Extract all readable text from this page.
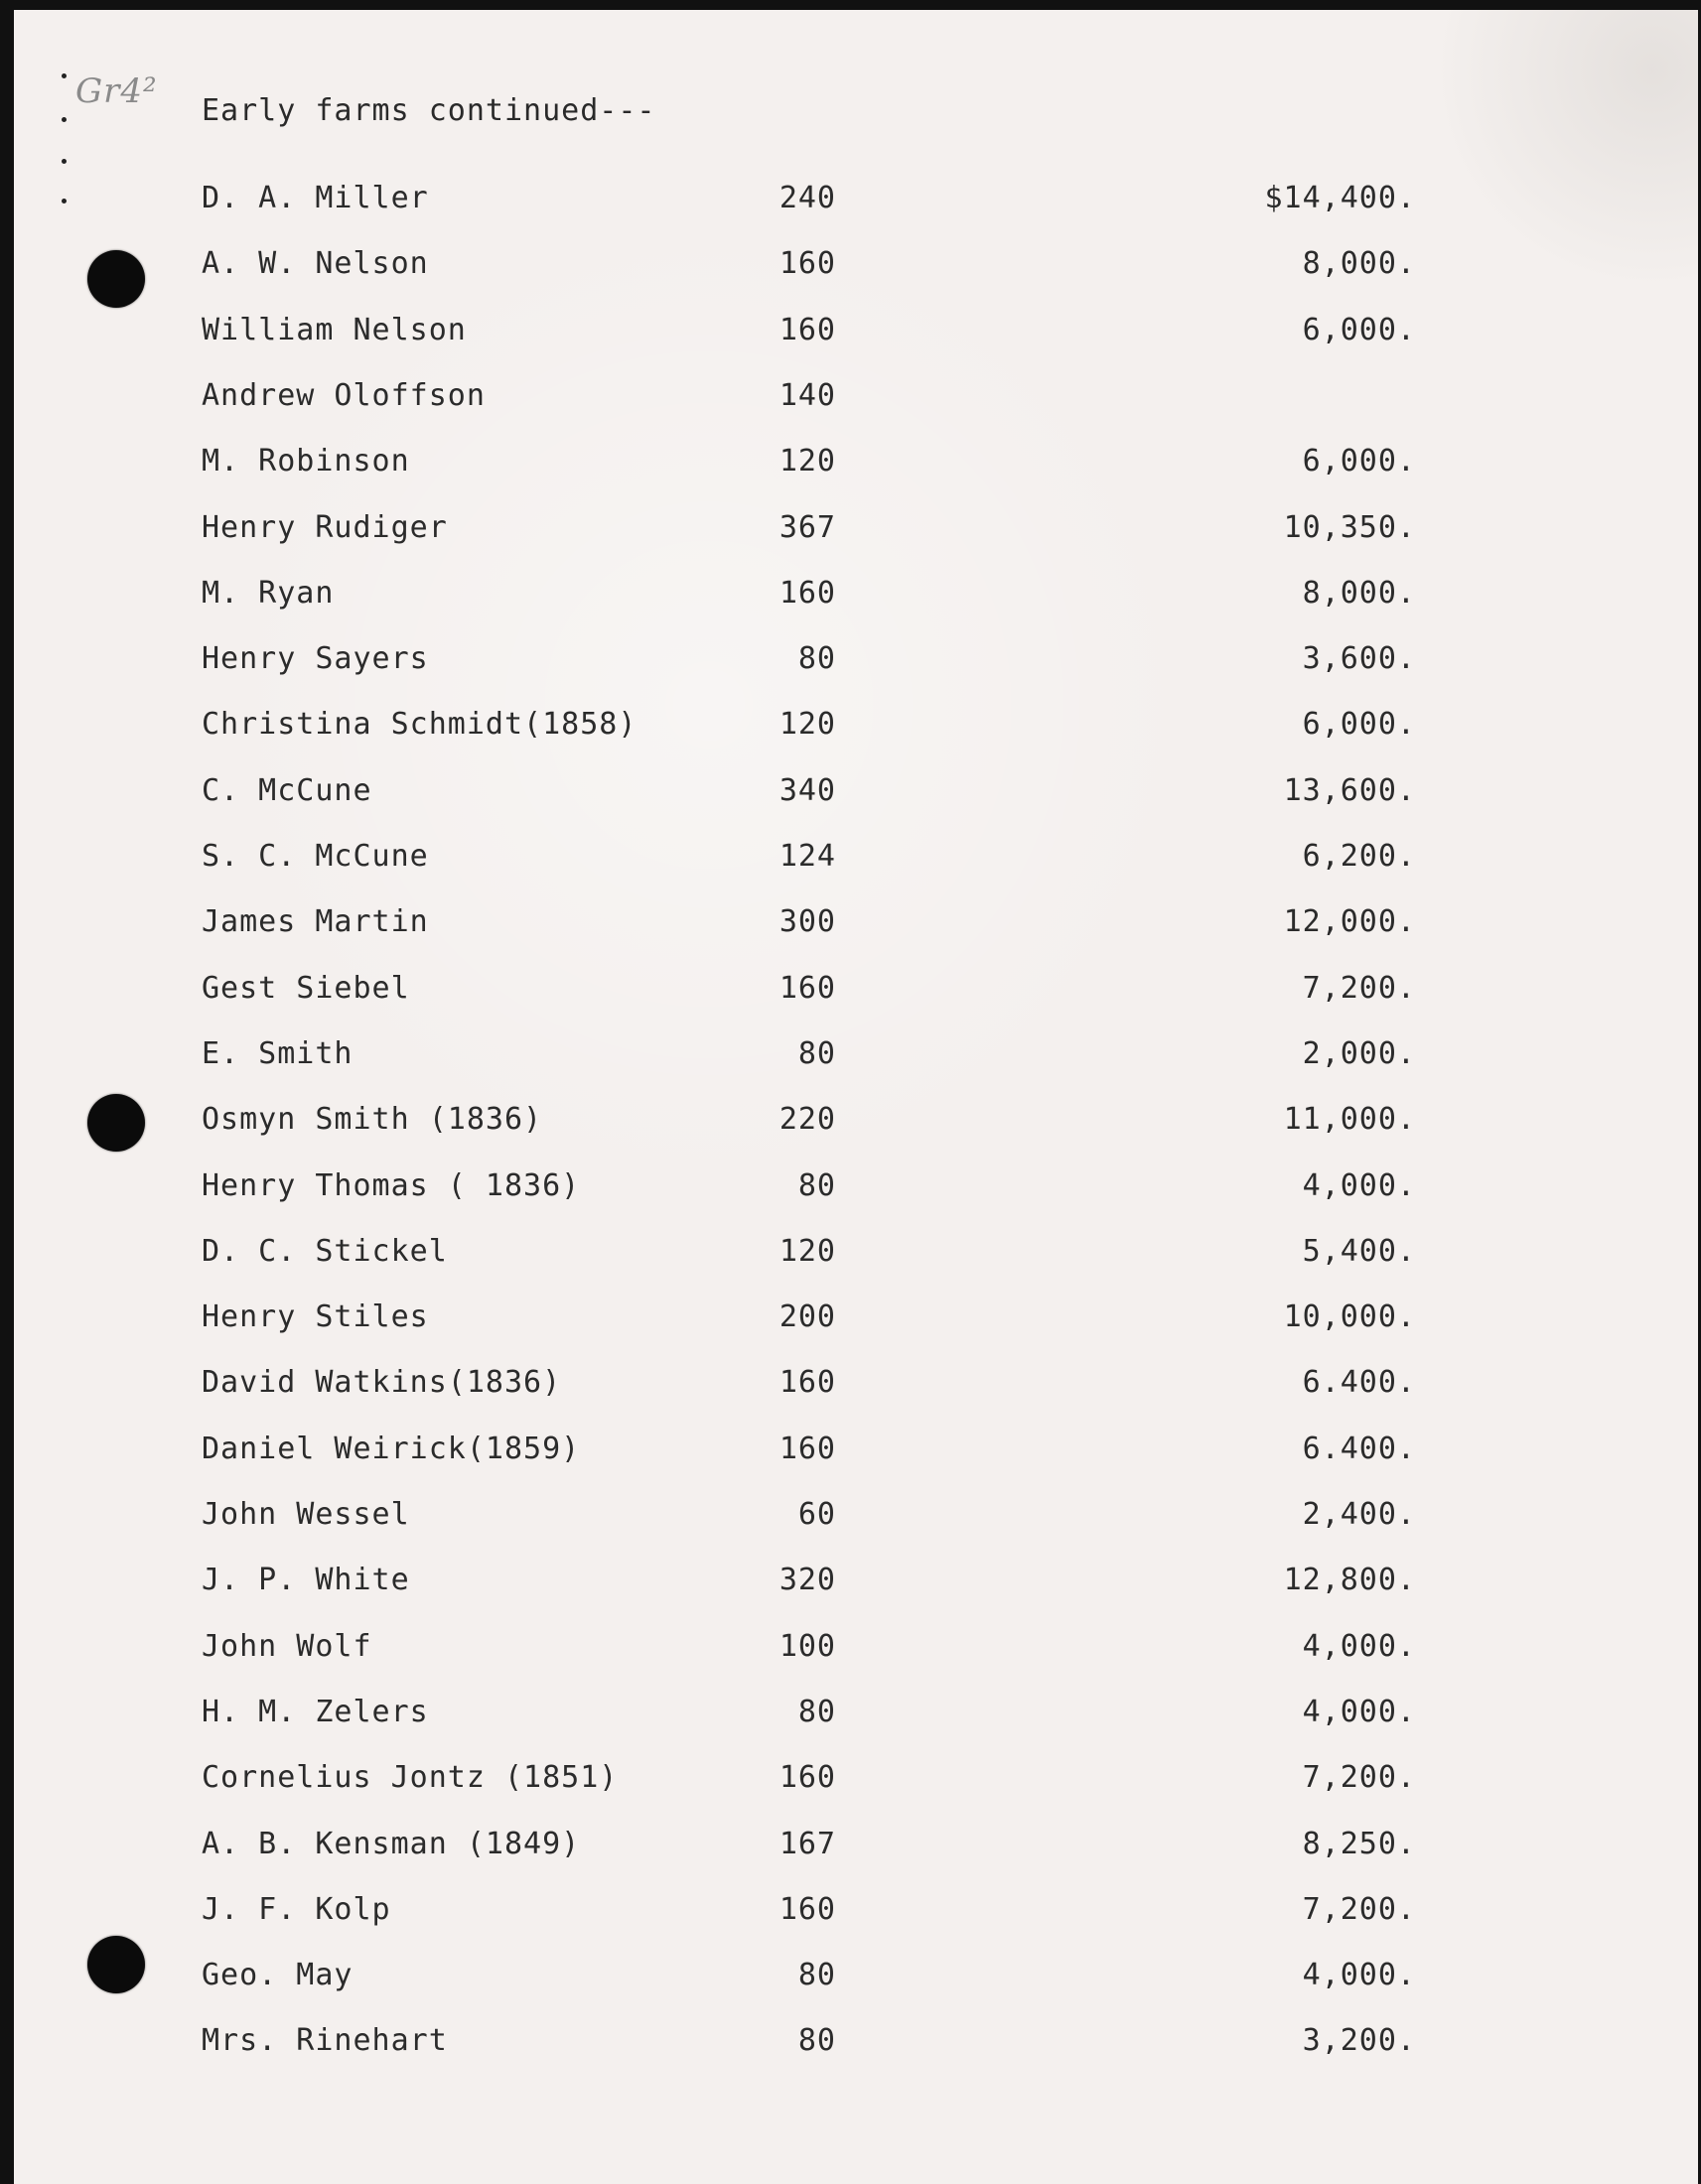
Gr4² Early farms continued---
D. A. Miller	240	$14,400.
A. W. Nelson	160	8,000.
William Nelson	160	6,000.
Andrew Oloffson	140
M. Robinson	120	6,000.
Henry Rudiger	367	10,350.
M. Ryan	160	8,000.
Henry Sayers	80	3,600.
Christina Schmidt(1858)	120	6,000.
C. McCune	340	13,600.
S. C. McCune	124	6,200.
James Martin	300	12,000.
Gest Siebel	160	7,200.
E. Smith	80	2,000.
Osmyn Smith (1836)	220	11,000.
Henry Thomas ( 1836)	80	4,000.
D. C. Stickel	120	5,400.
Henry Stiles	200	10,000.
David Watkins(1836)	160	6.400.
Daniel Weirick(1859)	160	6.400.
John Wessel	60	2,400.
J. P. White	320	12,800.
John Wolf	100	4,000.
H. M. Zelers	80	4,000.
Cornelius Jontz (1851)	160	7,200.
A. B. Kensman (1849)	167	8,250.
J. F. Kolp	160	7,200.
Geo. May	80	4,000.
Mrs. Rinehart	80	3,200.
